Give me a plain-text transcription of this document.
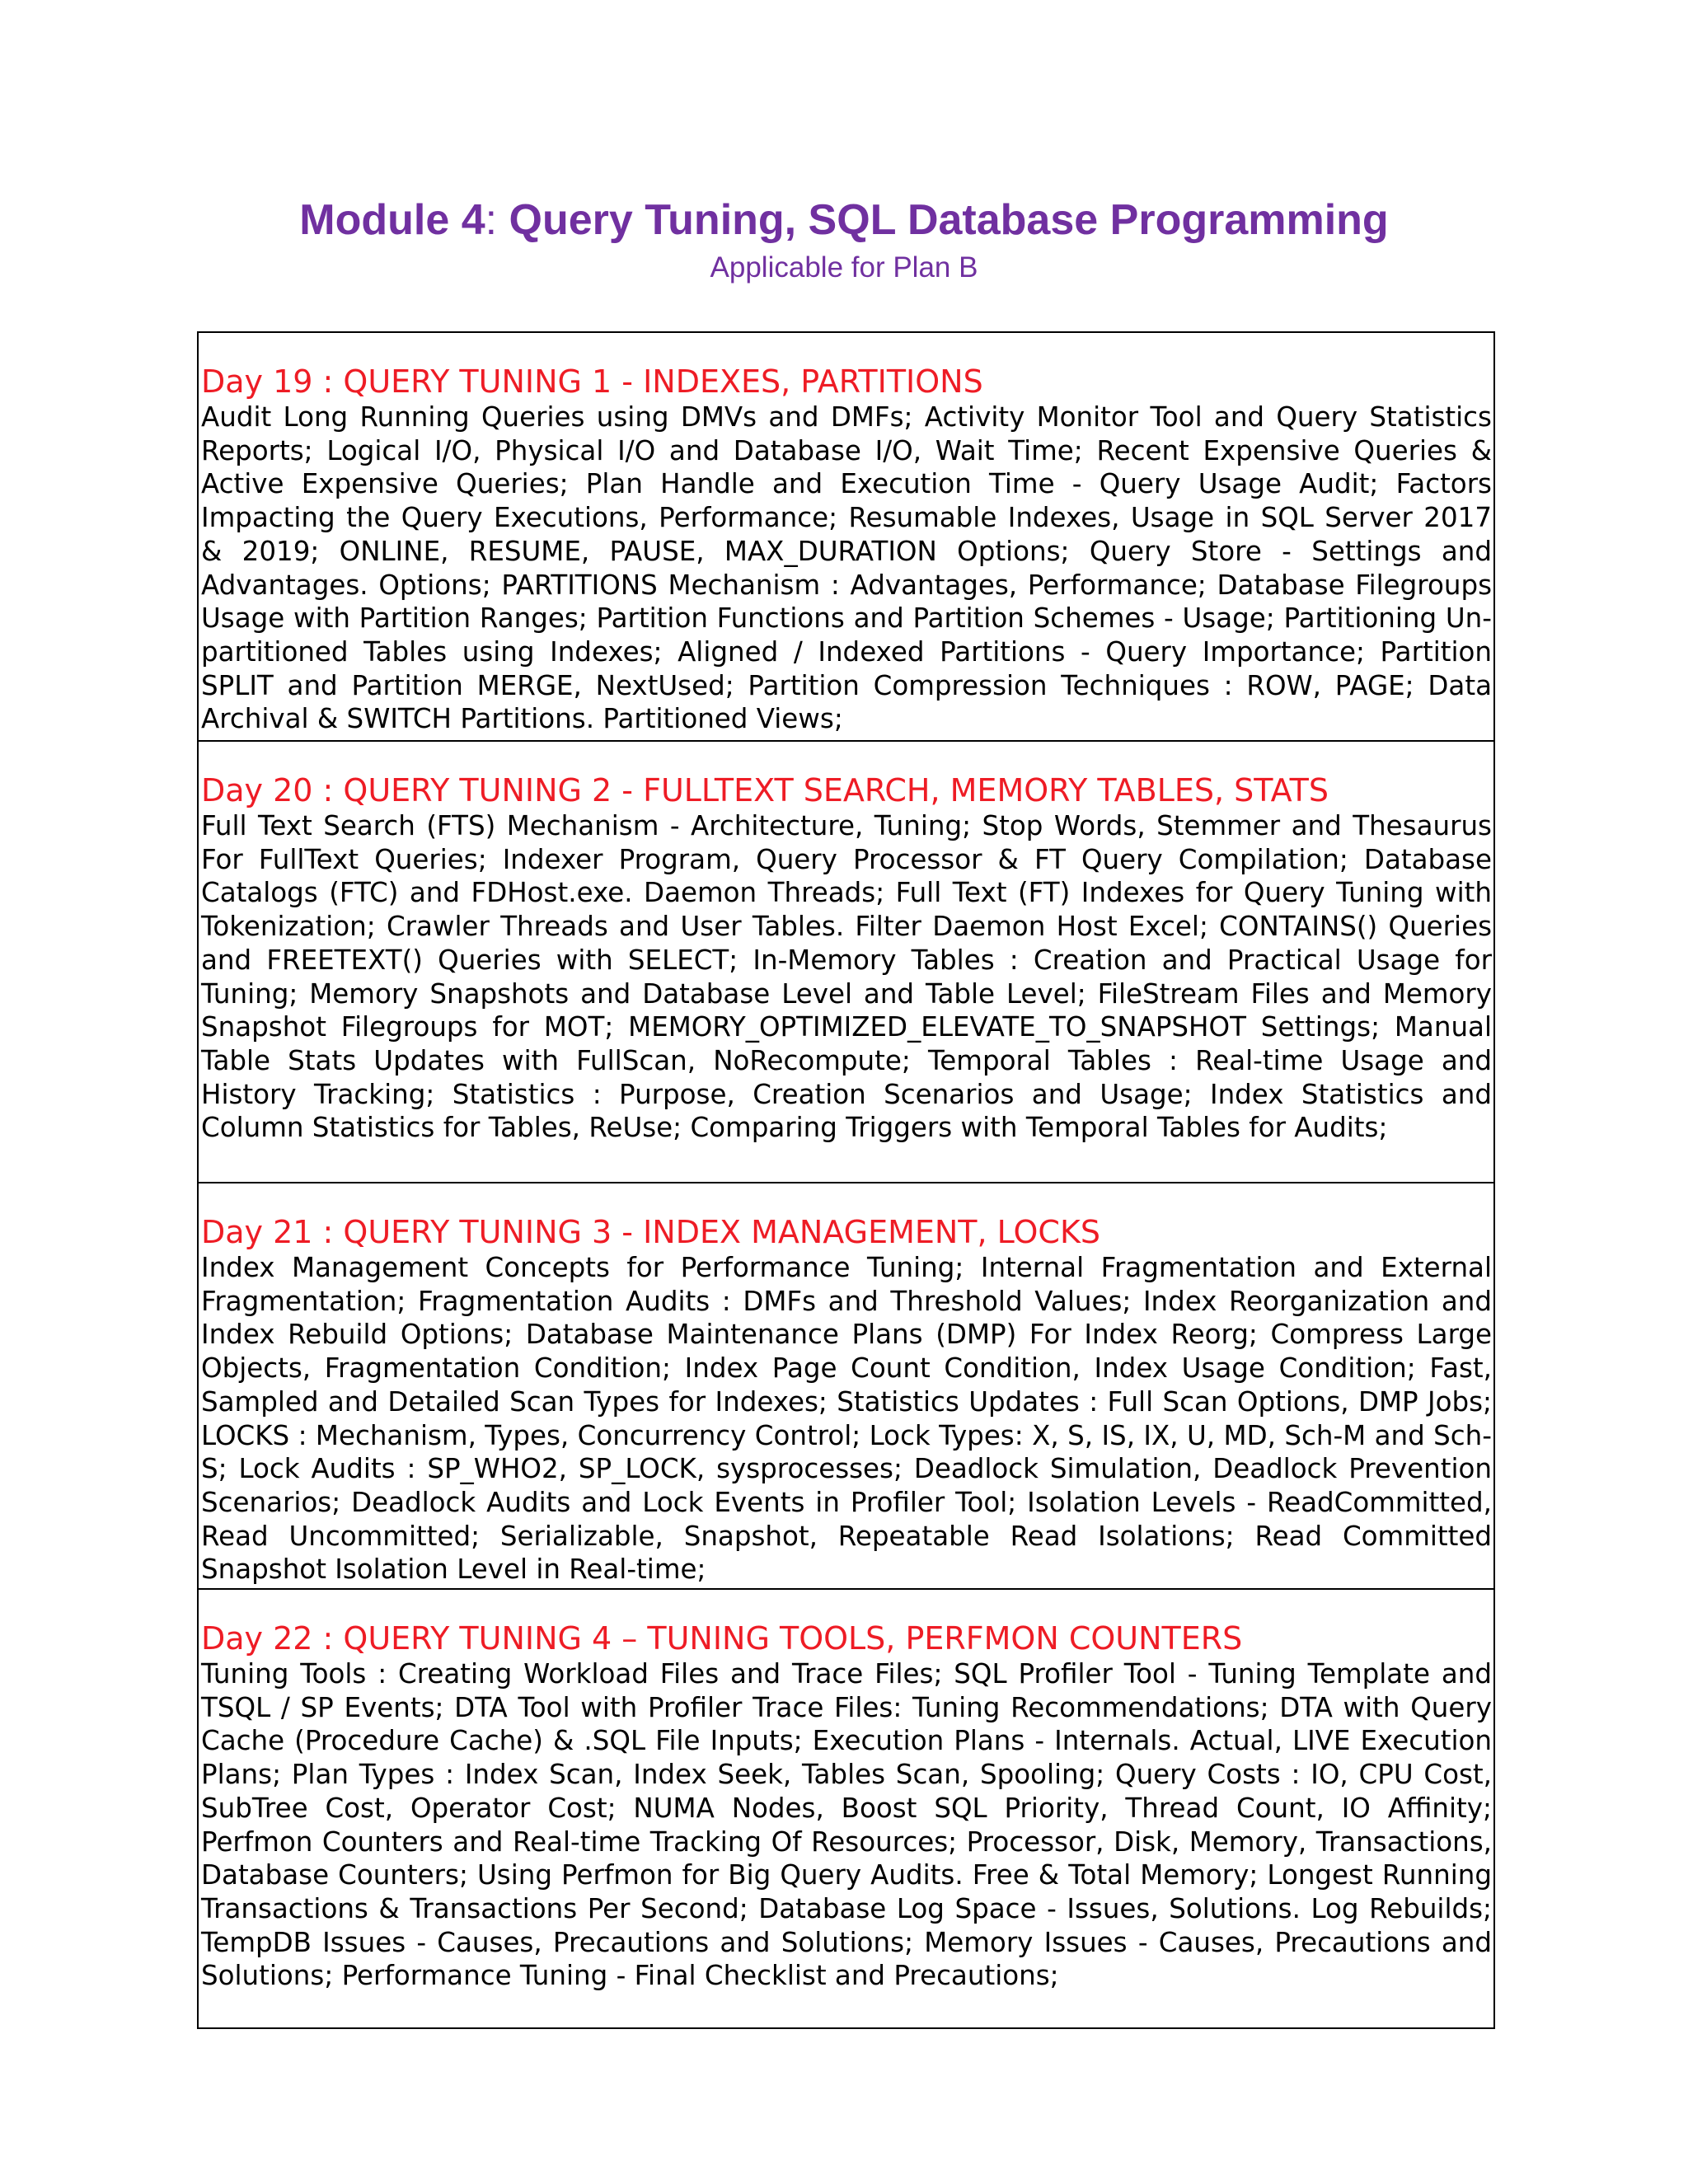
Module 4: Query Tuning, SQL Database Programming
Applicable for Plan B
Day 19 : QUERY TUNING 1 - INDEXES, PARTITIONS

Audit Long Running Queries using DMVs and DMFs; Activity Monitor Tool and Query Statistics Reports; Logical I/O, Physical I/O and Database I/O, Wait Time; Recent Expensive Queries & Active Expensive Queries; Plan Handle and Execution Time - Query Usage Audit; Factors Impacting the Query Executions, Performance; Resumable Indexes, Usage in SQL Server 2017 & 2019; ONLINE, RESUME, PAUSE, MAX_DURATION Options; Query Store - Settings and Advantages. Options; PARTITIONS Mechanism : Advantages, Performance; Database Filegroups Usage with Partition Ranges; Partition Functions and Partition Schemes - Usage; Partitioning Un-partitioned Tables using Indexes; Aligned / Indexed Partitions - Query Importance; Partition SPLIT and Partition MERGE, NextUsed; Partition Compression Techniques : ROW, PAGE; Data Archival & SWITCH Partitions. Partitioned Views;

Day 20 : QUERY TUNING 2 - FULLTEXT SEARCH, MEMORY TABLES, STATS

Full Text Search (FTS) Mechanism - Architecture, Tuning; Stop Words, Stemmer and Thesaurus For FullText Queries; Indexer Program, Query Processor & FT Query Compilation; Database Catalogs (FTC) and FDHost.exe. Daemon Threads; Full Text (FT) Indexes for Query Tuning with Tokenization; Crawler Threads and User Tables. Filter Daemon Host Excel; CONTAINS() Queries and FREETEXT() Queries with SELECT; In-Memory Tables : Creation and Practical Usage for Tuning; Memory Snapshots and Database Level and Table Level; FileStream Files and Memory Snapshot Filegroups for MOT; MEMORY_OPTIMIZED_ELEVATE_TO_SNAPSHOT Settings; Manual Table Stats Updates with FullScan, NoRecompute; Temporal Tables : Real-time Usage and History Tracking; Statistics : Purpose, Creation Scenarios and Usage; Index Statistics and Column Statistics for Tables, ReUse; Comparing Triggers with Temporal Tables for Audits;

Day 21 : QUERY TUNING 3 - INDEX MANAGEMENT, LOCKS

Index Management Concepts for Performance Tuning; Internal Fragmentation and External Fragmentation; Fragmentation Audits : DMFs and Threshold Values; Index Reorganization and Index Rebuild Options; Database Maintenance Plans (DMP) For Index Reorg; Compress Large Objects, Fragmentation Condition; Index Page Count Condition, Index Usage Condition; Fast, Sampled and Detailed Scan Types for Indexes; Statistics Updates : Full Scan Options, DMP Jobs; LOCKS : Mechanism, Types, Concurrency Control; Lock Types: X, S, IS, IX, U, MD, Sch-M and Sch-S; Lock Audits : SP_WHO2, SP_LOCK, sysprocesses; Deadlock Simulation, Deadlock Prevention Scenarios; Deadlock Audits and Lock Events in Profiler Tool; Isolation Levels - ReadCommitted, Read Uncommitted; Serializable, Snapshot, Repeatable Read Isolations; Read Committed Snapshot Isolation Level in Real-time;

Day 22 : QUERY TUNING 4 – TUNING TOOLS, PERFMON COUNTERS

Tuning Tools : Creating Workload Files and Trace Files; SQL Profiler Tool - Tuning Template and TSQL / SP Events; DTA Tool with Profiler Trace Files: Tuning Recommendations; DTA with Query Cache (Procedure Cache) & .SQL File Inputs; Execution Plans - Internals. Actual, LIVE Execution Plans; Plan Types : Index Scan, Index Seek, Tables Scan, Spooling; Query Costs : IO, CPU Cost, SubTree Cost, Operator Cost; NUMA Nodes, Boost SQL Priority, Thread Count, IO Affinity; Perfmon Counters and Real-time Tracking Of Resources; Processor, Disk, Memory, Transactions, Database Counters; Using Perfmon for Big Query Audits. Free & Total Memory; Longest Running Transactions & Transactions Per Second; Database Log Space - Issues, Solutions. Log Rebuilds; TempDB Issues - Causes, Precautions and Solutions; Memory Issues - Causes, Precautions and Solutions; Performance Tuning - Final Checklist and Precautions;
